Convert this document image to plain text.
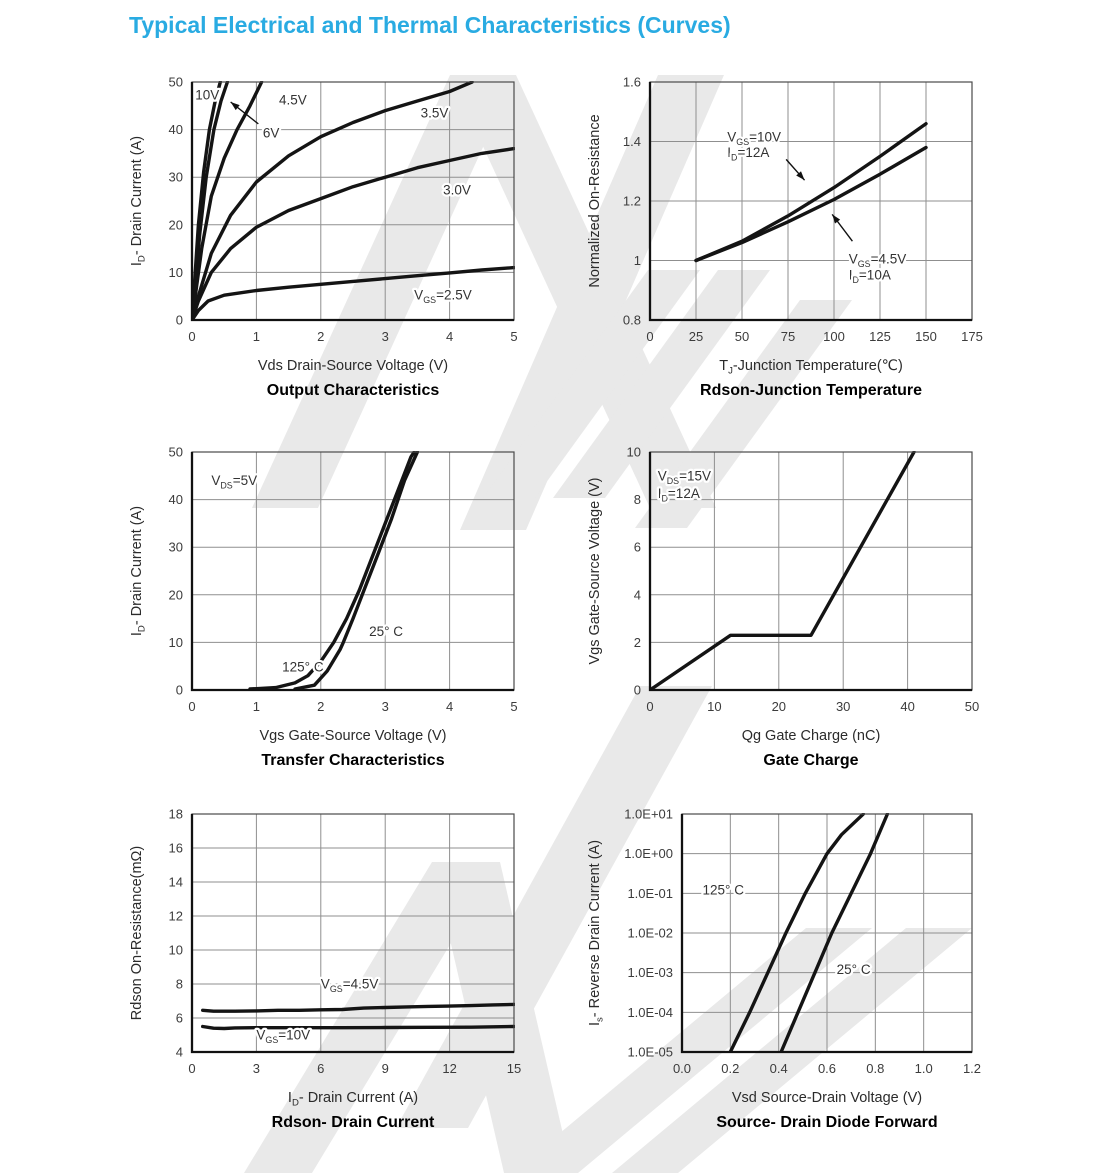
Typical Electrical and Thermal Characteristics (Curves)
0	1	2	3	4	5
0
10
20
30
40
50
Vds Drain-Source Voltage (V)
Output Characteristics
$I_D-$ Drain Current (A)
10V	4.5V
6V
3.5V
3.0V
$V_{GS}=2.5V$
0	25 50 75 100 125 150 175
0.8
1
1.2
1.4
1.6
$T_J$-Junction Temperature(℃)
Rdson-Junction Temperature
Normalized On-Resistance	$V_{GS}=10V$
$I_D=12A$
$V_{GS}=4.5V$
$I_D=10A$
0	1	2	3	4	5
0
10
20
30
40
50
Vgs Gate-Source Voltage (V)
Transfer Characteristics
$I_D-$ Drain Current (A)
$V_{DS}=5V$
25° C
125° C
0	10	20	30	40	50
0
2
4
6
8
10
Qg Gate Charge (nC)
Gate Charge
Vgs Gate-Source Voltage (V)
$V_{DS}=15V$
$I_D=12A$
0	3	6	9	12	15
4
6
8
10
12
14
16
18
$I_D-$ Drain Current (A)
Rdson- Drain Current
Rdson On-Resistance(mΩ)	$V_{GS}=4.5V$
$V_{GS}=10V$
0.0 0.2 0.4 0.6 0.8 1.0 1.2
1.0E-05
1.0E-04
1.0E-03
1.0E-02
1.0E-01
1.0E+00
1.0E+01
Vsd Source-Drain Voltage (V)
Source- Drain Diode Forward
$I_s-$ Reverse Drain Current (A)	125° C
25° C
